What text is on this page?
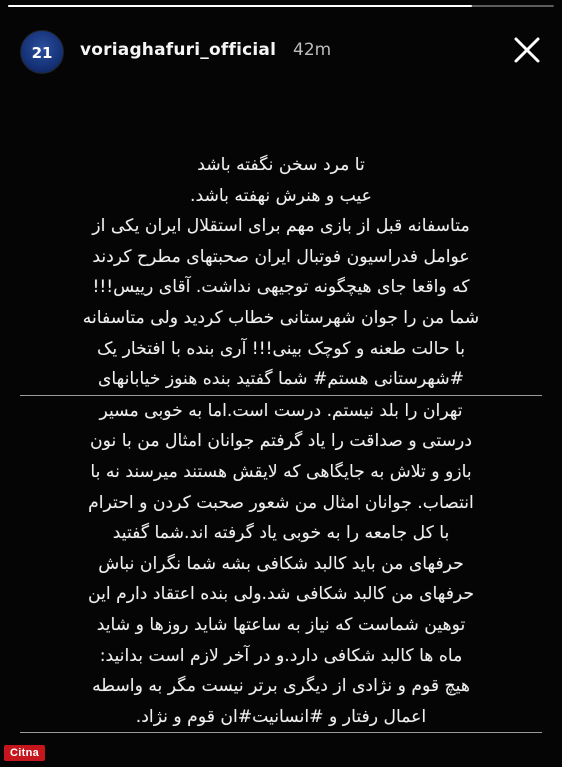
21	voriaghafuri_official 42m
تا مرد سخن نگفته باشد
عیب و هنرش نهفته باشد.
متاسفانه قبل از بازی مهم برای استقلال ایران یکی از
عوامل فدراسیون فوتبال ایران صحبتهای مطرح کردند
که واقعا جای هیچگونه توجیهی نداشت. آقای رییس!!!
شما من را جوان شهرستانی خطاب کردید ولی متاسفانه
با حالت طعنه و کوچک بینی!!! آری بنده با افتخار یک
#شهرستانی هستم# شما گفتید بنده هنوز خیابانهای
تهران را بلد نیستم. درست است.اما به خوبی مسیر
درستی و صداقت را یاد گرفتم جوانان امثال من با نون
بازو و تلاش به جایگاهی که لایقش هستند میرسند نه با
انتصاب. جوانان امثال من شعور صحبت کردن و احترام
با کل جامعه را به خوبی یاد گرفته اند.شما گفتید
حرفهای من باید کالبد شکافی بشه شما نگران نباش
حرفهای من کالبد شکافی شد.ولی بنده اعتقاد دارم این
توهین شماست که نیاز به ساعتها شاید روزها و شاید
ماه ها کالبد شکافی دارد.و در آخر لازم است بدانید:
هیچ قوم و نژادی از دیگری برتر نیست مگر به واسطه
اعمال رفتار و #انسانیت#ان قوم و نژاد.
Citna
